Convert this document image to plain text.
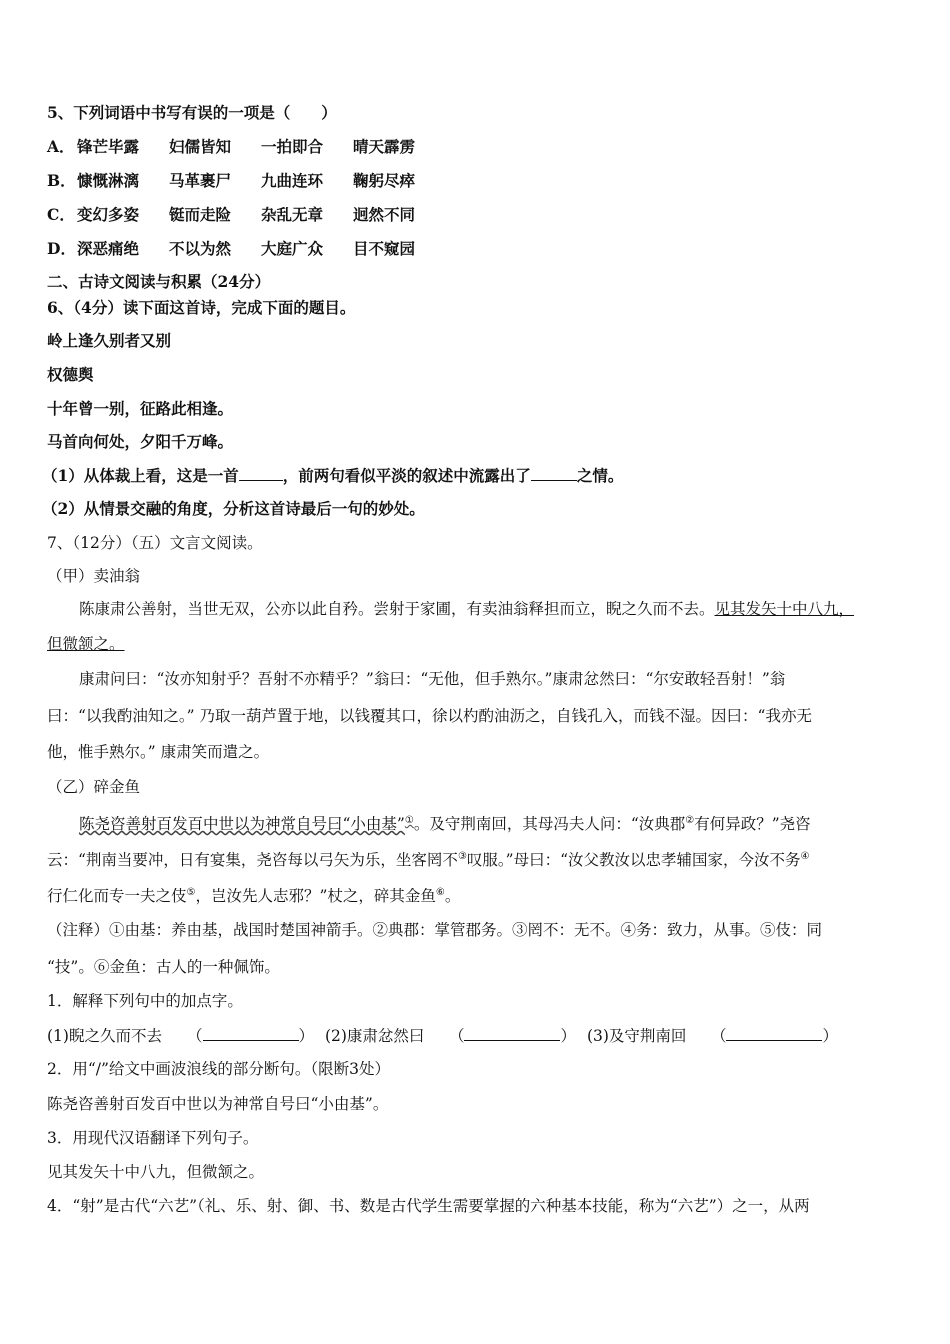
5、下列词语中书写有误的一项是（　　）
A． 锋芒毕露 妇儒皆知 一拍即合 晴天霹雳
B．慷慨淋漓 马革裹尸 九曲连环 鞠躬尽瘁
C． 变幻多姿 铤而走险 杂乱无章 迥然不同
D．深恶痛绝 不以为然 大庭广众 目不窥园
二、古诗文阅读与积累（24分）
6、（4分）读下面这首诗，完成下面的题目。
岭上逢久别者又别
权德舆
十年曾一别，征路此相逢。
马首向何处，夕阳千万峰。
（1）从体裁上看，这是一首	，前两句看似平淡的叙述中流露出了	之情。
（2）从情景交融的角度，分析这首诗最后一句的妙处。
7、（12分）（五）文言文阅读。
（甲）卖油翁
陈康肃公善射，当世无双，公亦以此自矜。尝射于家圃，有卖油翁释担而立，睨之久而不去。见其发矢十中八九，
但微颔之。
康肃问曰：“汝亦知射乎？吾射不亦精乎？”翁曰：“无他，但手熟尔。”康肃忿然曰：“尔安敢轻吾射！”翁
曰：“以我酌油知之。” 乃取一葫芦置于地，以钱覆其口，徐以杓酌油沥之，自钱孔入，而钱不湿。因曰：“我亦无
他，惟手熟尔。” 康肃笑而遣之。
（乙）碎金鱼
陈尧咨善射百发百中世以为神常自号曰“小由基”①。及守荆南回，其母冯夫人问：“汝典郡②有何异政？”尧咨
云：“荆南当要冲，日有宴集，尧咨每以弓矢为乐，坐客罔不③叹服。”母曰：“汝父教汝以忠孝辅国家，今汝不务④
行仁化而专一夫之伎⑤，岂汝先人志邪？”杖之，碎其金鱼⑥。
（注释）①由基：养由基，战国时楚国神箭手。②典郡：掌管郡务。③罔不：无不。④务：致力，从事。⑤伎：同
“技”。⑥金鱼：古人的一种佩饰。
1．解释下列句中的加点字。
(1)睨之久而不去 （	） (2)康肃忿然曰 （	） (3)及守荆南回 （	）
2．用“/”给文中画波浪线的部分断句。（限断3处）
陈尧咨善射百发百中世以为神常自号曰“小由基”。
3．用现代汉语翻译下列句子。
见其发矢十中八九，但微颔之。
4．“射”是古代“六艺”（礼、乐、射、御、书、数是古代学生需要掌握的六种基本技能，称为“六艺”）之一，从两
